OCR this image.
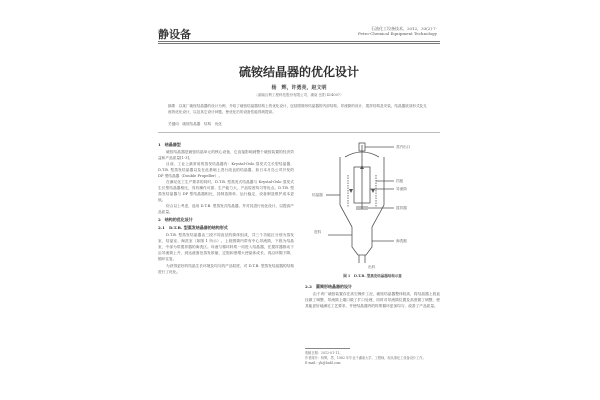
静设备	石油化工设备技术，2012，33(2)·7·
Petro-Chemical Equipment Technology
硫铵结晶器的优化设计
杨　辉，许勇亮，赵文明
（湖南百利工程科技股份有限公司，湖南 岳阳 414007）
摘要：以某厂硫铵结晶器的设计为例，介绍了硫铵结晶器结构上的优化设计，包括圆筒形结晶器的内部结构，导流筒的设计，搅拌结构及安装，结晶器底部形式及支座的优化设计，以及其它设计问题，使优化后的设备性能得到提高。
关键词：硫铵结晶器　结构　优化
1　结晶器型

硫铵结晶器是硫铵结晶单元的核心设备，它直接影响到整个硫铵装置的经济效益和产品质量[1-3]。

目前，工业上最常用的蒸发结晶器有：Krystal-Oslo 蒸发式生长型结晶器、D.T.B. 型蒸发结晶器以及在此基础上进行改良的结晶器，如日本月岛公司开发的 DP 型结晶器（Double Propeller）。

在满足化工生产要求的同时，D.T.B. 型蒸发式结晶器与 Krystal-Oslo 蒸发式生长型结晶器相比，具有操作可靠、生产能力大、产品粒度均匀等优点。D.T.B. 型蒸发结晶器与 DP 型结晶器相比，其制造简单、运行稳定，设备制造维护成本更低。

综合以上考虑，选用 D.T.B. 型蒸发式结晶器，并对其进行优化设计，以提高产品质量。

2　结构的优化设计
2.1　D.T.B. 型蒸发结晶器的结构形式

D.T.B. 型蒸发结晶器由三段不同直径的筒体组成，共三个功能区分别为蒸发室、结晶室、淘洗室（如图 1 所示）。上段圆筒内带有中心导流筒，下段为结晶室，中部为带搅拌器的淘洗区。母液与循环料浆一同进入结晶器，在搅拌器推动下沿导流筒上升，到达液面处蒸发浓缩，过饱和度增大使晶体成长，再沿环隙下降，循环往复。

为获得更好的结晶生长环境及均匀的产品粒度，对 D.T.B. 型蒸发结晶器的结构进行了优化。

蒸汽出口
挡板
导流筒
搅拌器
结晶器
进料
淘洗腿
出料
图 1　D.T.B. 型蒸发结晶器结构示意
2.2　圆筒形结晶器的设计

由于该厂硫铵装置存在高空操作工况，硫铵结晶器整体较高，将结晶器上段直径做了调整，导流筒上端口做了扩口处理，同时对导流筒位置及高度做了调整，使其能更好地满足工艺要求，并使结晶器内的料浆循环更加均匀，改善了产品质量。

收稿日期：2012-01-11。
作者简介：杨辉，男，1982 年毕业于湖南大学，工程师，现从事化工设备设计工作。
E-mail：yh@hnbl.com
